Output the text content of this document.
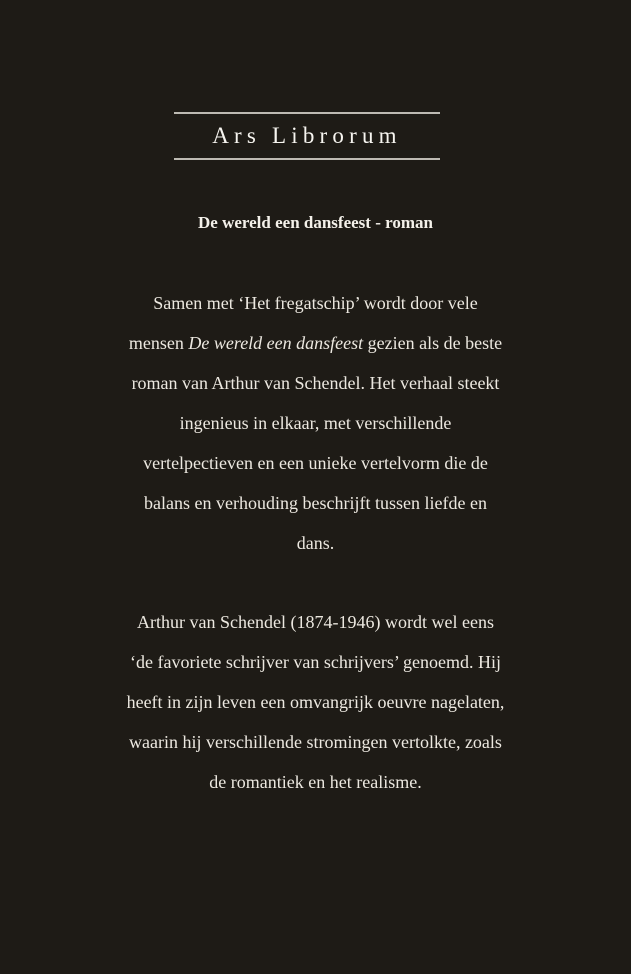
Ars Librorum
De wereld een dansfeest - roman
Samen met ‘Het fregatschip’ wordt door vele
mensen De wereld een dansfeest gezien als de beste
roman van Arthur van Schendel. Het verhaal steekt
ingenieus in elkaar, met verschillende
vertelpectieven en een unieke vertelvorm die de
balans en verhouding beschrijft tussen liefde en
dans.
Arthur van Schendel (1874-1946) wordt wel eens
‘de favoriete schrijver van schrijvers’ genoemd. Hij
heeft in zijn leven een omvangrijk oeuvre nagelaten,
waarin hij verschillende stromingen vertolkte, zoals
de romantiek en het realisme.
